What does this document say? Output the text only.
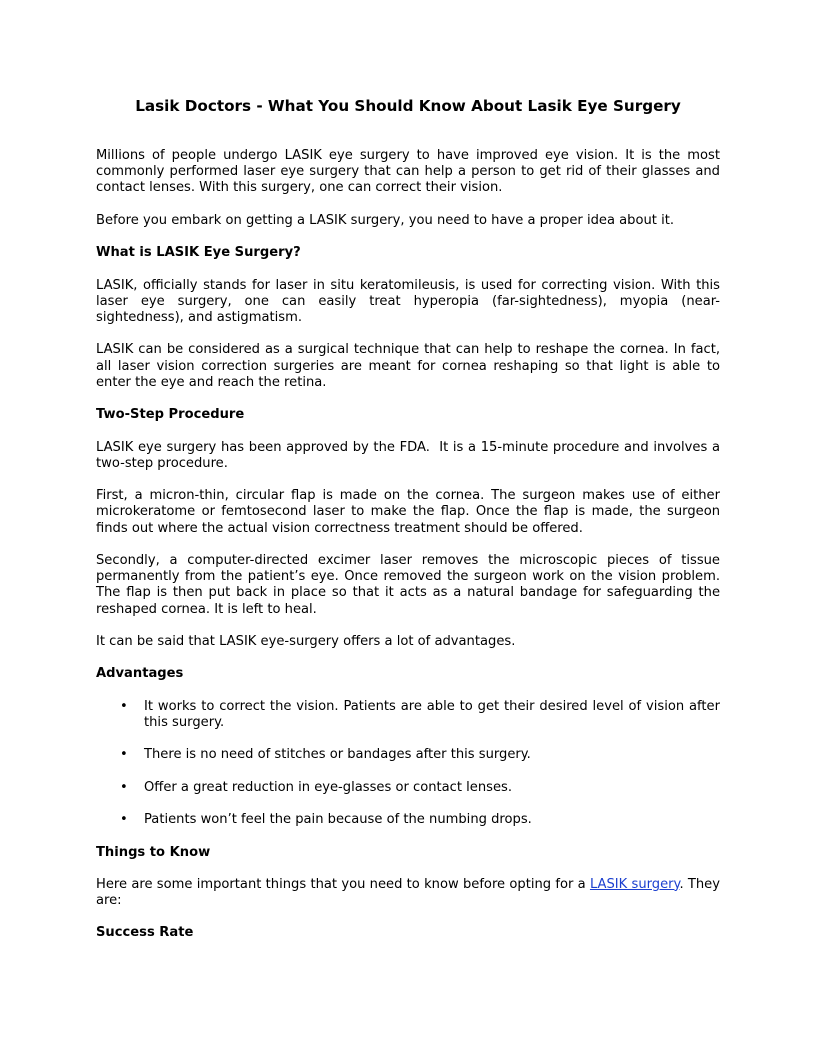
Lasik Doctors - What You Should Know About Lasik Eye Surgery

Millions of people undergo LASIK eye surgery to have improved eye vision. It is the most commonly performed laser eye surgery that can help a person to get rid of their glasses and contact lenses. With this surgery, one can correct their vision.

Before you embark on getting a LASIK surgery, you need to have a proper idea about it.

What is LASIK Eye Surgery?

LASIK, officially stands for laser in situ keratomileusis, is used for correcting vision. With this laser eye surgery, one can easily treat hyperopia (far-sightedness), myopia (near-sightedness), and astigmatism.

LASIK can be considered as a surgical technique that can help to reshape the cornea. In fact, all laser vision correction surgeries are meant for cornea reshaping so that light is able to enter the eye and reach the retina.

Two-Step Procedure

LASIK eye surgery has been approved by the FDA.  It is a 15-minute procedure and involves a two-step procedure.

First, a micron-thin, circular flap is made on the cornea. The surgeon makes use of either microkeratome or femtosecond laser to make the flap. Once the flap is made, the surgeon finds out where the actual vision correctness treatment should be offered.

Secondly, a computer-directed excimer laser removes the microscopic pieces of tissue permanently from the patient’s eye. Once removed the surgeon work on the vision problem. The flap is then put back in place so that it acts as a natural bandage for safeguarding the reshaped cornea. It is left to heal.

It can be said that LASIK eye-surgery offers a lot of advantages.

Advantages

• It works to correct the vision. Patients are able to get their desired level of vision after this surgery.
• There is no need of stitches or bandages after this surgery.
• Offer a great reduction in eye-glasses or contact lenses.
• Patients won’t feel the pain because of the numbing drops.

Things to Know

Here are some important things that you need to know before opting for a LASIK surgery. They are:

Success Rate
